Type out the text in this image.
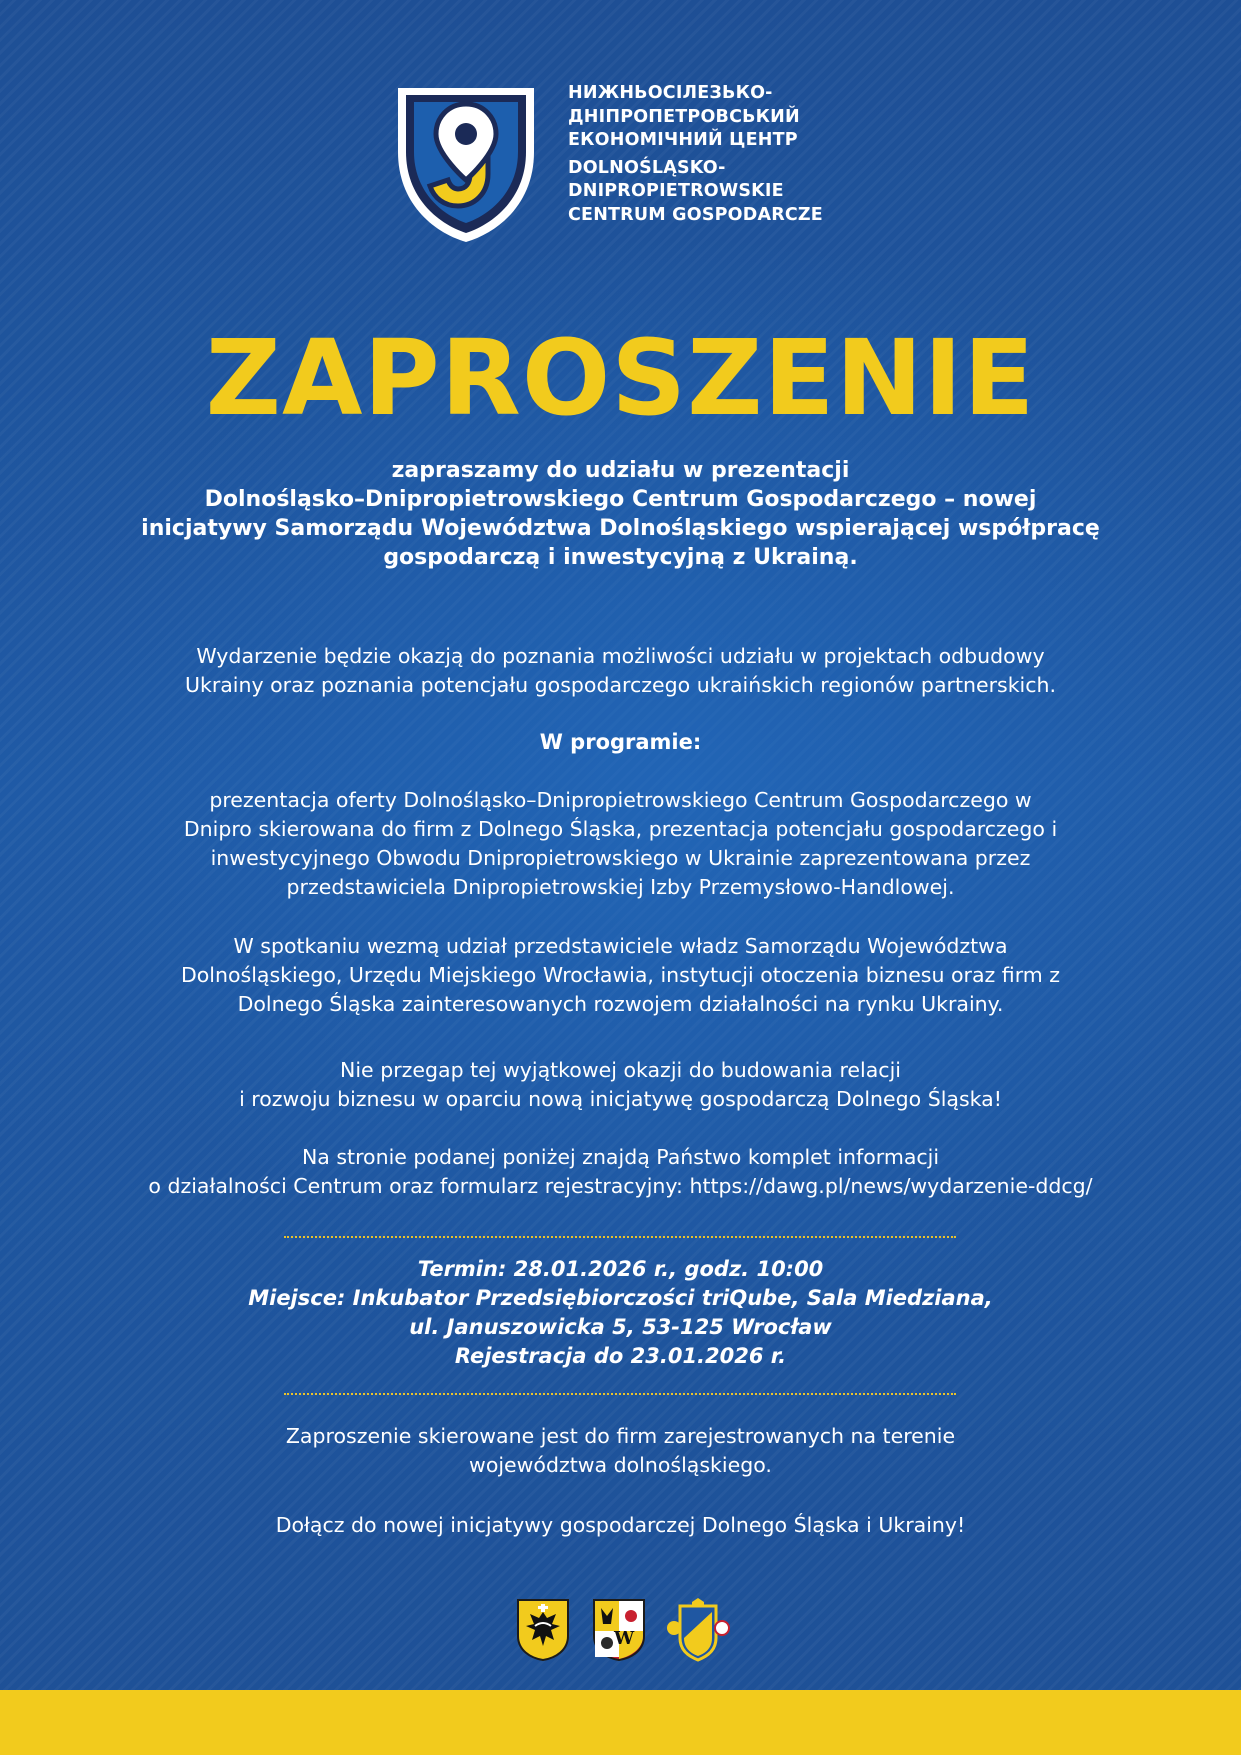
НИЖНЬОСІЛЕЗЬКО-
ДНІПРОПЕТРОВСЬКИЙ
ЕКОНОМІЧНИЙ ЦЕНТР
DOLNOŚLĄSKO-
DNIPROPIETROWSKIE
CENTRUM GOSPODARCZE
ZAPROSZENIE
zapraszamy do udziału w prezentacji
Dolnośląsko–Dnipropietrowskiego Centrum Gospodarczego – nowej
inicjatywy Samorządu Województwa Dolnośląskiego wspierającej współpracę
gospodarczą i inwestycyjną z Ukrainą.
Wydarzenie będzie okazją do poznania możliwości udziału w projektach odbudowy
Ukrainy oraz poznania potencjału gospodarczego ukraińskich regionów partnerskich.
W programie:
prezentacja oferty Dolnośląsko–Dnipropietrowskiego Centrum Gospodarczego w
Dnipro skierowana do firm z Dolnego Śląska, prezentacja potencjału gospodarczego i
inwestycyjnego Obwodu Dnipropietrowskiego w Ukrainie zaprezentowana przez
przedstawiciela Dnipropietrowskiej Izby Przemysłowo-Handlowej.
W spotkaniu wezmą udział przedstawiciele władz Samorządu Województwa
Dolnośląskiego, Urzędu Miejskiego Wrocławia, instytucji otoczenia biznesu oraz firm z
Dolnego Śląska zainteresowanych rozwojem działalności na rynku Ukrainy.
Nie przegap tej wyjątkowej okazji do budowania relacji
i rozwoju biznesu w oparciu nową inicjatywę gospodarczą Dolnego Śląska!
Na stronie podanej poniżej znajdą Państwo komplet informacji
o działalności Centrum oraz formularz rejestracyjny: https://dawg.pl/news/wydarzenie-ddcg/
Termin: 28.01.2026 r., godz. 10:00
Miejsce: Inkubator Przedsiębiorczości triQube, Sala Miedziana,
ul. Januszowicka 5, 53-125 Wrocław
Rejestracja do 23.01.2026 r.
Zaproszenie skierowane jest do firm zarejestrowanych na terenie
województwa dolnośląskiego.
Dołącz do nowej inicjatywy gospodarczej Dolnego Śląska i Ukrainy!
W
